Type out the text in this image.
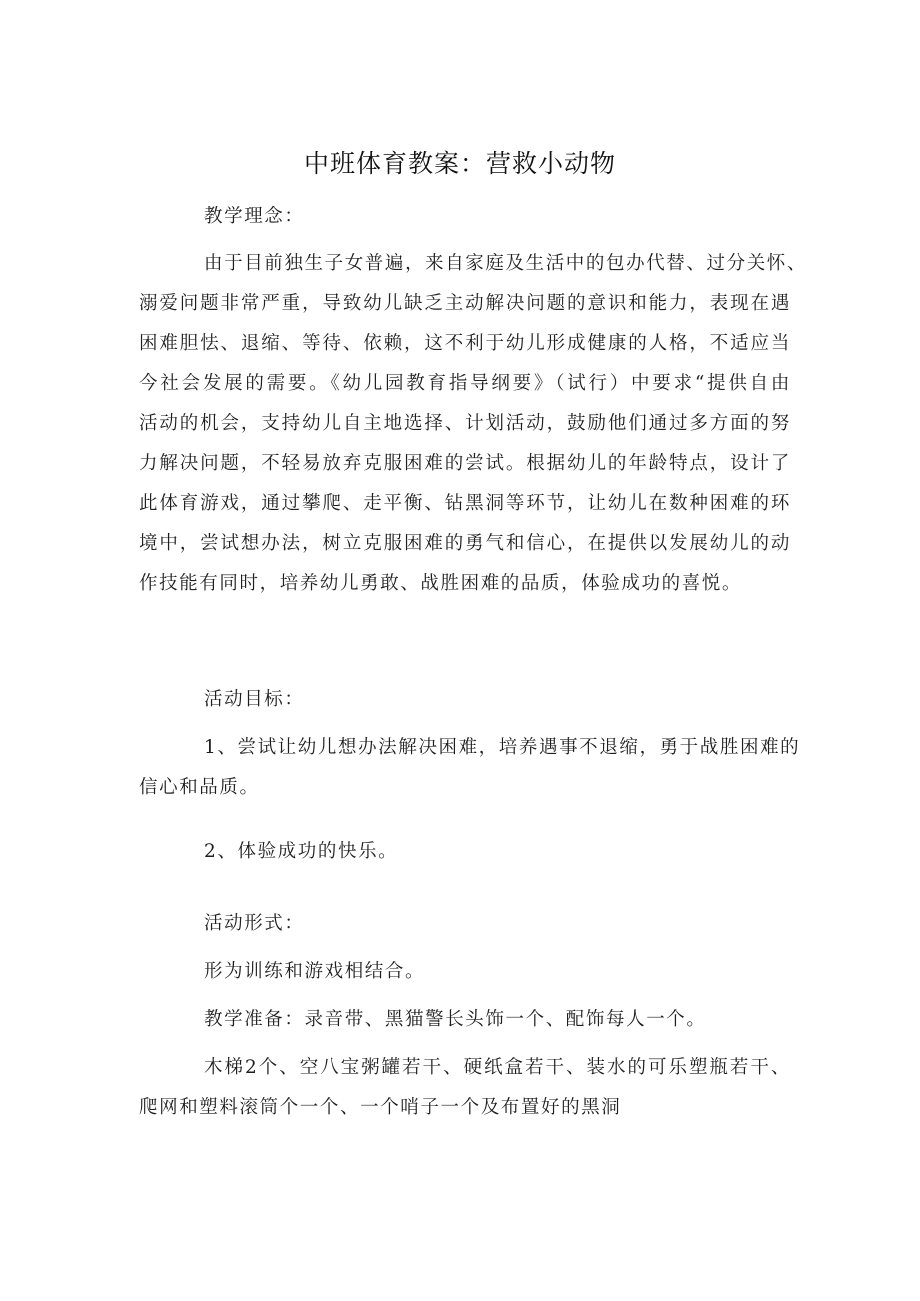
中班体育教案：营救小动物
教学理念：
由于目前独生子女普遍，来自家庭及生活中的包办代替、过分关怀、
溺爱问题非常严重，导致幼儿缺乏主动解决问题的意识和能力，表现在遇
困难胆怯、退缩、等待、依赖，这不利于幼儿形成健康的人格，不适应当
今社会发展的需要。《幼儿园教育指导纲要》（试行）中要求“提供自由
活动的机会，支持幼儿自主地选择、计划活动，鼓励他们通过多方面的努
力解决问题，不轻易放弃克服困难的尝试。根据幼儿的年龄特点，设计了
此体育游戏，通过攀爬、走平衡、钻黑洞等环节，让幼儿在数种困难的环
境中，尝试想办法，树立克服困难的勇气和信心，在提供以发展幼儿的动
作技能有同时，培养幼儿勇敢、战胜困难的品质，体验成功的喜悦。
活动目标：
1、尝试让幼儿想办法解决困难，培养遇事不退缩，勇于战胜困难的
信心和品质。
2、体验成功的快乐。
活动形式：
形为训练和游戏相结合。
教学准备：录音带、黑猫警长头饰一个、配饰每人一个。
木梯2个、空八宝粥罐若干、硬纸盒若干、装水的可乐塑瓶若干、
爬网和塑料滚筒个一个、一个哨子一个及布置好的黑洞
